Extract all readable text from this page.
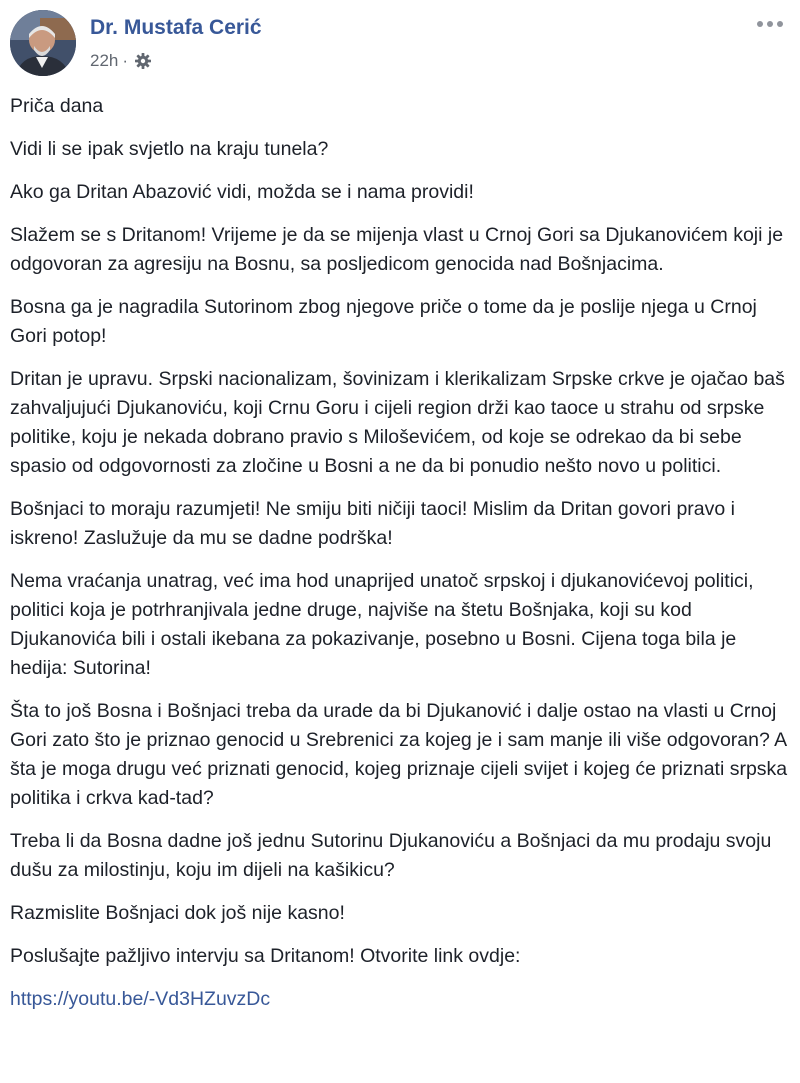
Dr. Mustafa Cerić
22h ·

Priča dana

Vidi li se ipak svjetlo na kraju tunela?

Ako ga Dritan Abazović vidi, možda se i nama providi!

Slažem se s Dritanom! Vrijeme je da se mijenja vlast u Crnoj Gori sa Djukanovićem koji je odgovoran za agresiju na Bosnu, sa posljedicom genocida nad Bošnjacima.

Bosna ga je nagradila Sutorinom zbog njegove priče o tome da je poslije njega u Crnoj Gori potop!

Dritan je upravu. Srpski nacionalizam, šovinizam i klerikalizam Srpske crkve je ojačao baš zahvaljujući Djukanoviću, koji Crnu Goru i cijeli region drži kao taoce u strahu od srpske politike, koju je nekada dobrano pravio s Miloševićem, od koje se odrekao da bi sebe spasio od odgovornosti za zločine u Bosni a ne da bi ponudio nešto novo u politici.

Bošnjaci to moraju razumjeti! Ne smiju biti ničiji taoci! Mislim da Dritan govori pravo i iskreno! Zaslužuje da mu se dadne podrška!

Nema vraćanja unatrag, već ima hod unaprijed unatoč srpskoj i djukanovićevoj politici, politici koja je potrhranjivala jedne druge, najviše na štetu Bošnjaka, koji su kod Djukanovića bili i ostali ikebana za pokazivanje, posebno u Bosni. Cijena toga bila je hedija: Sutorina!

Šta to još Bosna i Bošnjaci treba da urade da bi Djukanović i dalje ostao na vlasti u Crnoj Gori zato što je priznao genocid u Srebrenici za kojeg je i sam manje ili više odgovoran? A šta je moga drugu već priznati genocid, kojeg priznaje cijeli svijet i kojeg će priznati srpska politika i crkva kad-tad?

Treba li da Bosna dadne još jednu Sutorinu Djukanoviću a Bošnjaci da mu prodaju svoju dušu za milostinju, koju im dijeli na kašikicu?

Razmislite Bošnjaci dok još nije kasno!

Poslušajte pažljivo intervju sa Dritanom! Otvorite link ovdje:

https://youtu.be/-Vd3HZuvzDc
